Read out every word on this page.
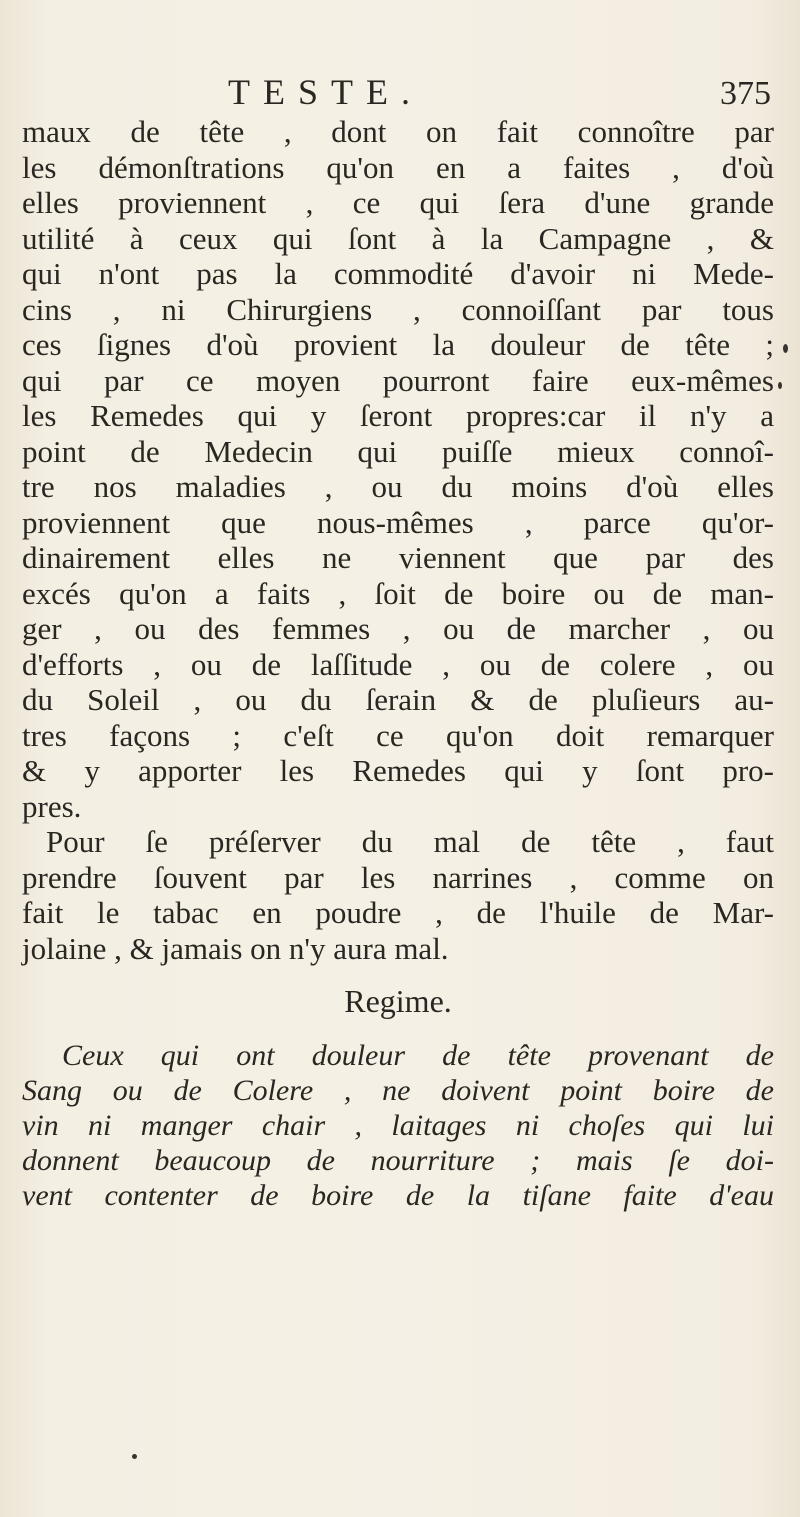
TESTE.	375
maux de tête , dont on fait connoître par
les démonſtrations qu'on en a faites , d'où
elles proviennent , ce qui ſera d'une grande
utilité à ceux qui ſont à la Campagne , &
qui n'ont pas la commodité d'avoir ni Mede-
cins , ni Chirurgiens , connoiſſant par tous
ces ſignes d'où provient la douleur de tête ;
qui par ce moyen pourront faire eux-mêmes
les Remedes qui y ſeront propres:car il n'y a
point de Medecin qui puiſſe mieux connoî-
tre nos maladies , ou du moins d'où elles
proviennent que nous-mêmes , parce qu'or-
dinairement elles ne viennent que par des
excés qu'on a faits , ſoit de boire ou de man-
ger , ou des femmes , ou de marcher , ou
d'efforts , ou de laſſitude , ou de colere , ou
du Soleil , ou du ſerain & de pluſieurs au-
tres façons ; c'eſt ce qu'on doit remarquer
& y apporter les Remedes qui y ſont pro-
pres.
Pour ſe préſerver du mal de tête , faut
prendre ſouvent par les narrines , comme on
fait le tabac en poudre , de l'huile de Mar-
jolaine , & jamais on n'y aura mal.
Regime.
Ceux qui ont douleur de tête provenant de
Sang ou de Colere , ne doivent point boire de
vin ni manger chair , laitages ni choſes qui lui
donnent beaucoup de nourriture ; mais ſe doi-
vent contenter de boire de la tiſane faite d'eau
